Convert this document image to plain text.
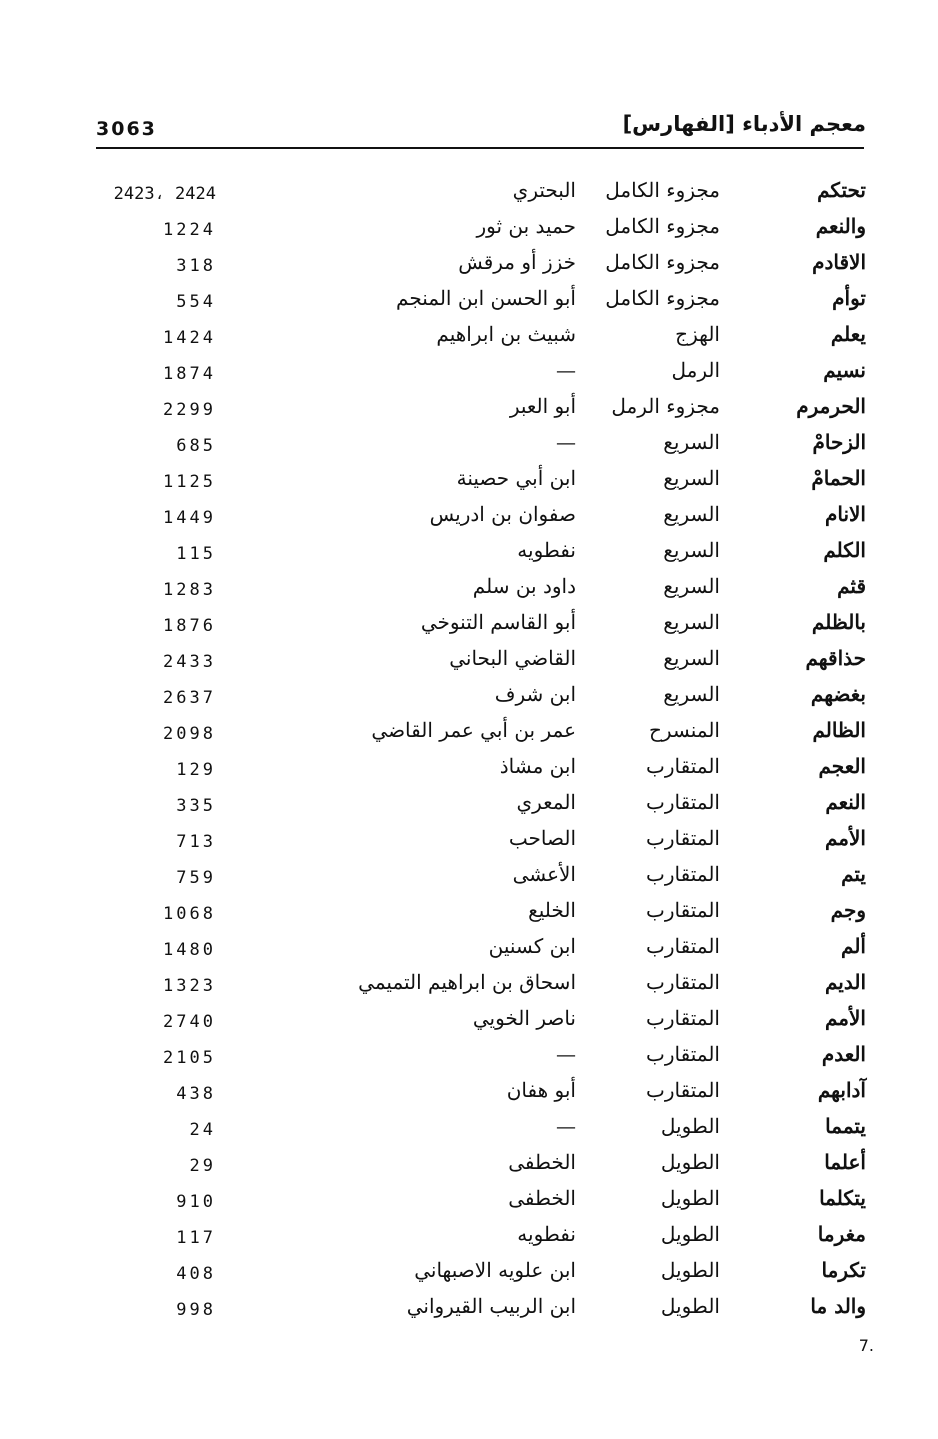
معجم الأدباء [الفهارس]
3063
تحتكم
مجزوء الكامل
البحتري
2423، 2424
والنعم
مجزوء الكامل
حميد بن ثور
1224
الاقادم
مجزوء الكامل
خزز أو مرقش
318
توأم
مجزوء الكامل
أبو الحسن ابن المنجم
554
يعلم
الهزج
شبيث بن ابراهيم
1424
نسيم
الرمل
—
1874
الحرمرم
مجزوء الرمل
أبو العبر
2299
الزحامْ
السريع
—
685
الحمامْ
السريع
ابن أبي حصينة
1125
الانام
السريع
صفوان بن ادريس
1449
الكلم
السريع
نفطويه
115
قثم
السريع
داود بن سلم
1283
بالظلم
السريع
أبو القاسم التنوخي
1876
حذاقهم
السريع
القاضي البحاني
2433
بغضهم
السريع
ابن شرف
2637
الظالم
المنسرح
عمر بن أبي عمر القاضي
2098
العجم
المتقارب
ابن مشاذ
129
النعم
المتقارب
المعري
335
الأمم
المتقارب
الصاحب
713
يتم
المتقارب
الأعشى
759
وجم
المتقارب
الخليع
1068
ألم
المتقارب
ابن كسنين
1480
الديم
المتقارب
اسحاق بن ابراهيم التميمي
1323
الأمم
المتقارب
ناصر الخويي
2740
العدم
المتقارب
—
2105
آدابهم
المتقارب
أبو هفان
438
يتمما
الطويل
—
24
أعلما
الطويل
الخطفى
29
يتكلما
الطويل
الخطفى
910
مغرما
الطويل
نفطويه
117
تكرما
الطويل
ابن علويه الاصبهاني
408
والد ما
الطويل
ابن الربيب القيرواني
998
7.
